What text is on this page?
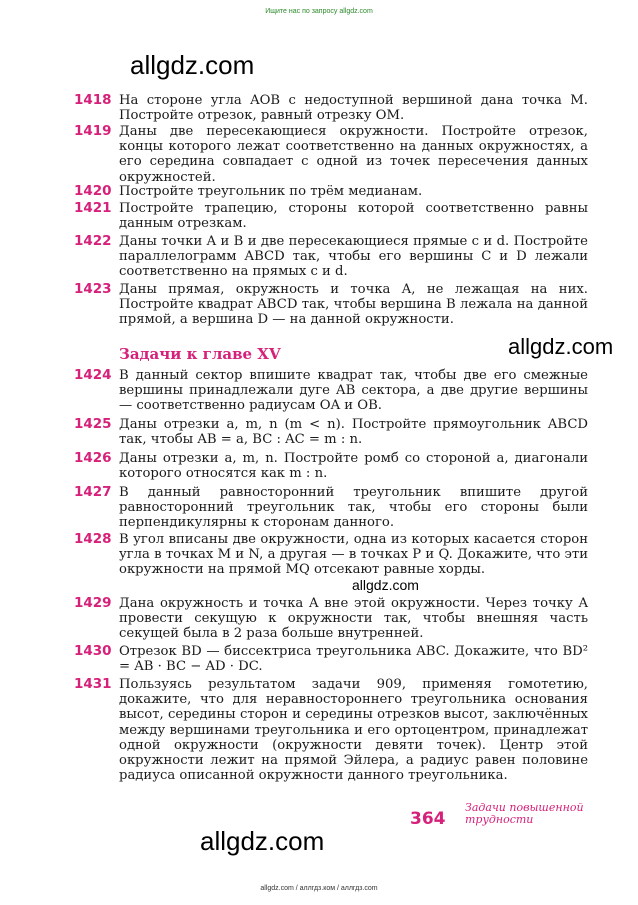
Ищите нас по запросу allgdz.com
allgdz.com
allgdz.com
allgdz.com
allgdz.com
1418 На стороне угла AOB с недоступной вершиной дана точка M. Постройте отрезок, равный отрезку OM.
1419 Даны две пересекающиеся окружности. Постройте отрезок, концы которого лежат соответственно на данных окружностях, а его середина совпадает с одной из точек пересечения данных окружностей.
1420 Постройте треугольник по трём медианам.
1421 Постройте трапецию, стороны которой соответственно равны данным отрезкам.
1422 Даны точки A и B и две пересекающиеся прямые c и d. Постройте параллелограмм ABCD так, чтобы его вершины C и D лежали соответственно на прямых c и d.
1423 Даны прямая, окружность и точка A, не лежащая на них. Постройте квадрат ABCD так, чтобы вершина B лежала на данной прямой, а вершина D — на данной окружности.
Задачи к главе XV
1424 В данный сектор впишите квадрат так, чтобы две его смежные вершины принадлежали дуге AB сектора, а две другие вершины — соответственно радиусам OA и OB.
1425 Даны отрезки a, m, n (m < n). Постройте прямоугольник ABCD так, чтобы AB = a, BC : AC = m : n.
1426 Даны отрезки a, m, n. Постройте ромб со стороной a, диагонали которого относятся как m : n.
1427 В данный равносторонний треугольник впишите другой равносторонний треугольник так, чтобы его стороны были перпендикулярны к сторонам данного.
1428 В угол вписаны две окружности, одна из которых касается сторон угла в точках M и N, а другая — в точках P и Q. Докажите, что эти окружности на прямой MQ отсекают равные хорды.
1429 Дана окружность и точка A вне этой окружности. Через точку A провести секущую к окружности так, чтобы внешняя часть секущей была в 2 раза больше внутренней.
1430 Отрезок BD — биссектриса треугольника ABC. Докажите, что BD² = AB · BC − AD · DC.
1431 Пользуясь результатом задачи 909, применяя гомотетию, докажите, что для неравностороннего треугольника основания высот, середины сторон и середины отрезков высот, заключённых между вершинами треугольника и его ортоцентром, принадлежат одной окружности (окружности девяти точек). Центр этой окружности лежит на прямой Эйлера, а радиус равен половине радиуса описанной окружности данного треугольника.
364
Задачи повышенной трудности
allgdz.com / аллгдз.ком / аллгдз.com
